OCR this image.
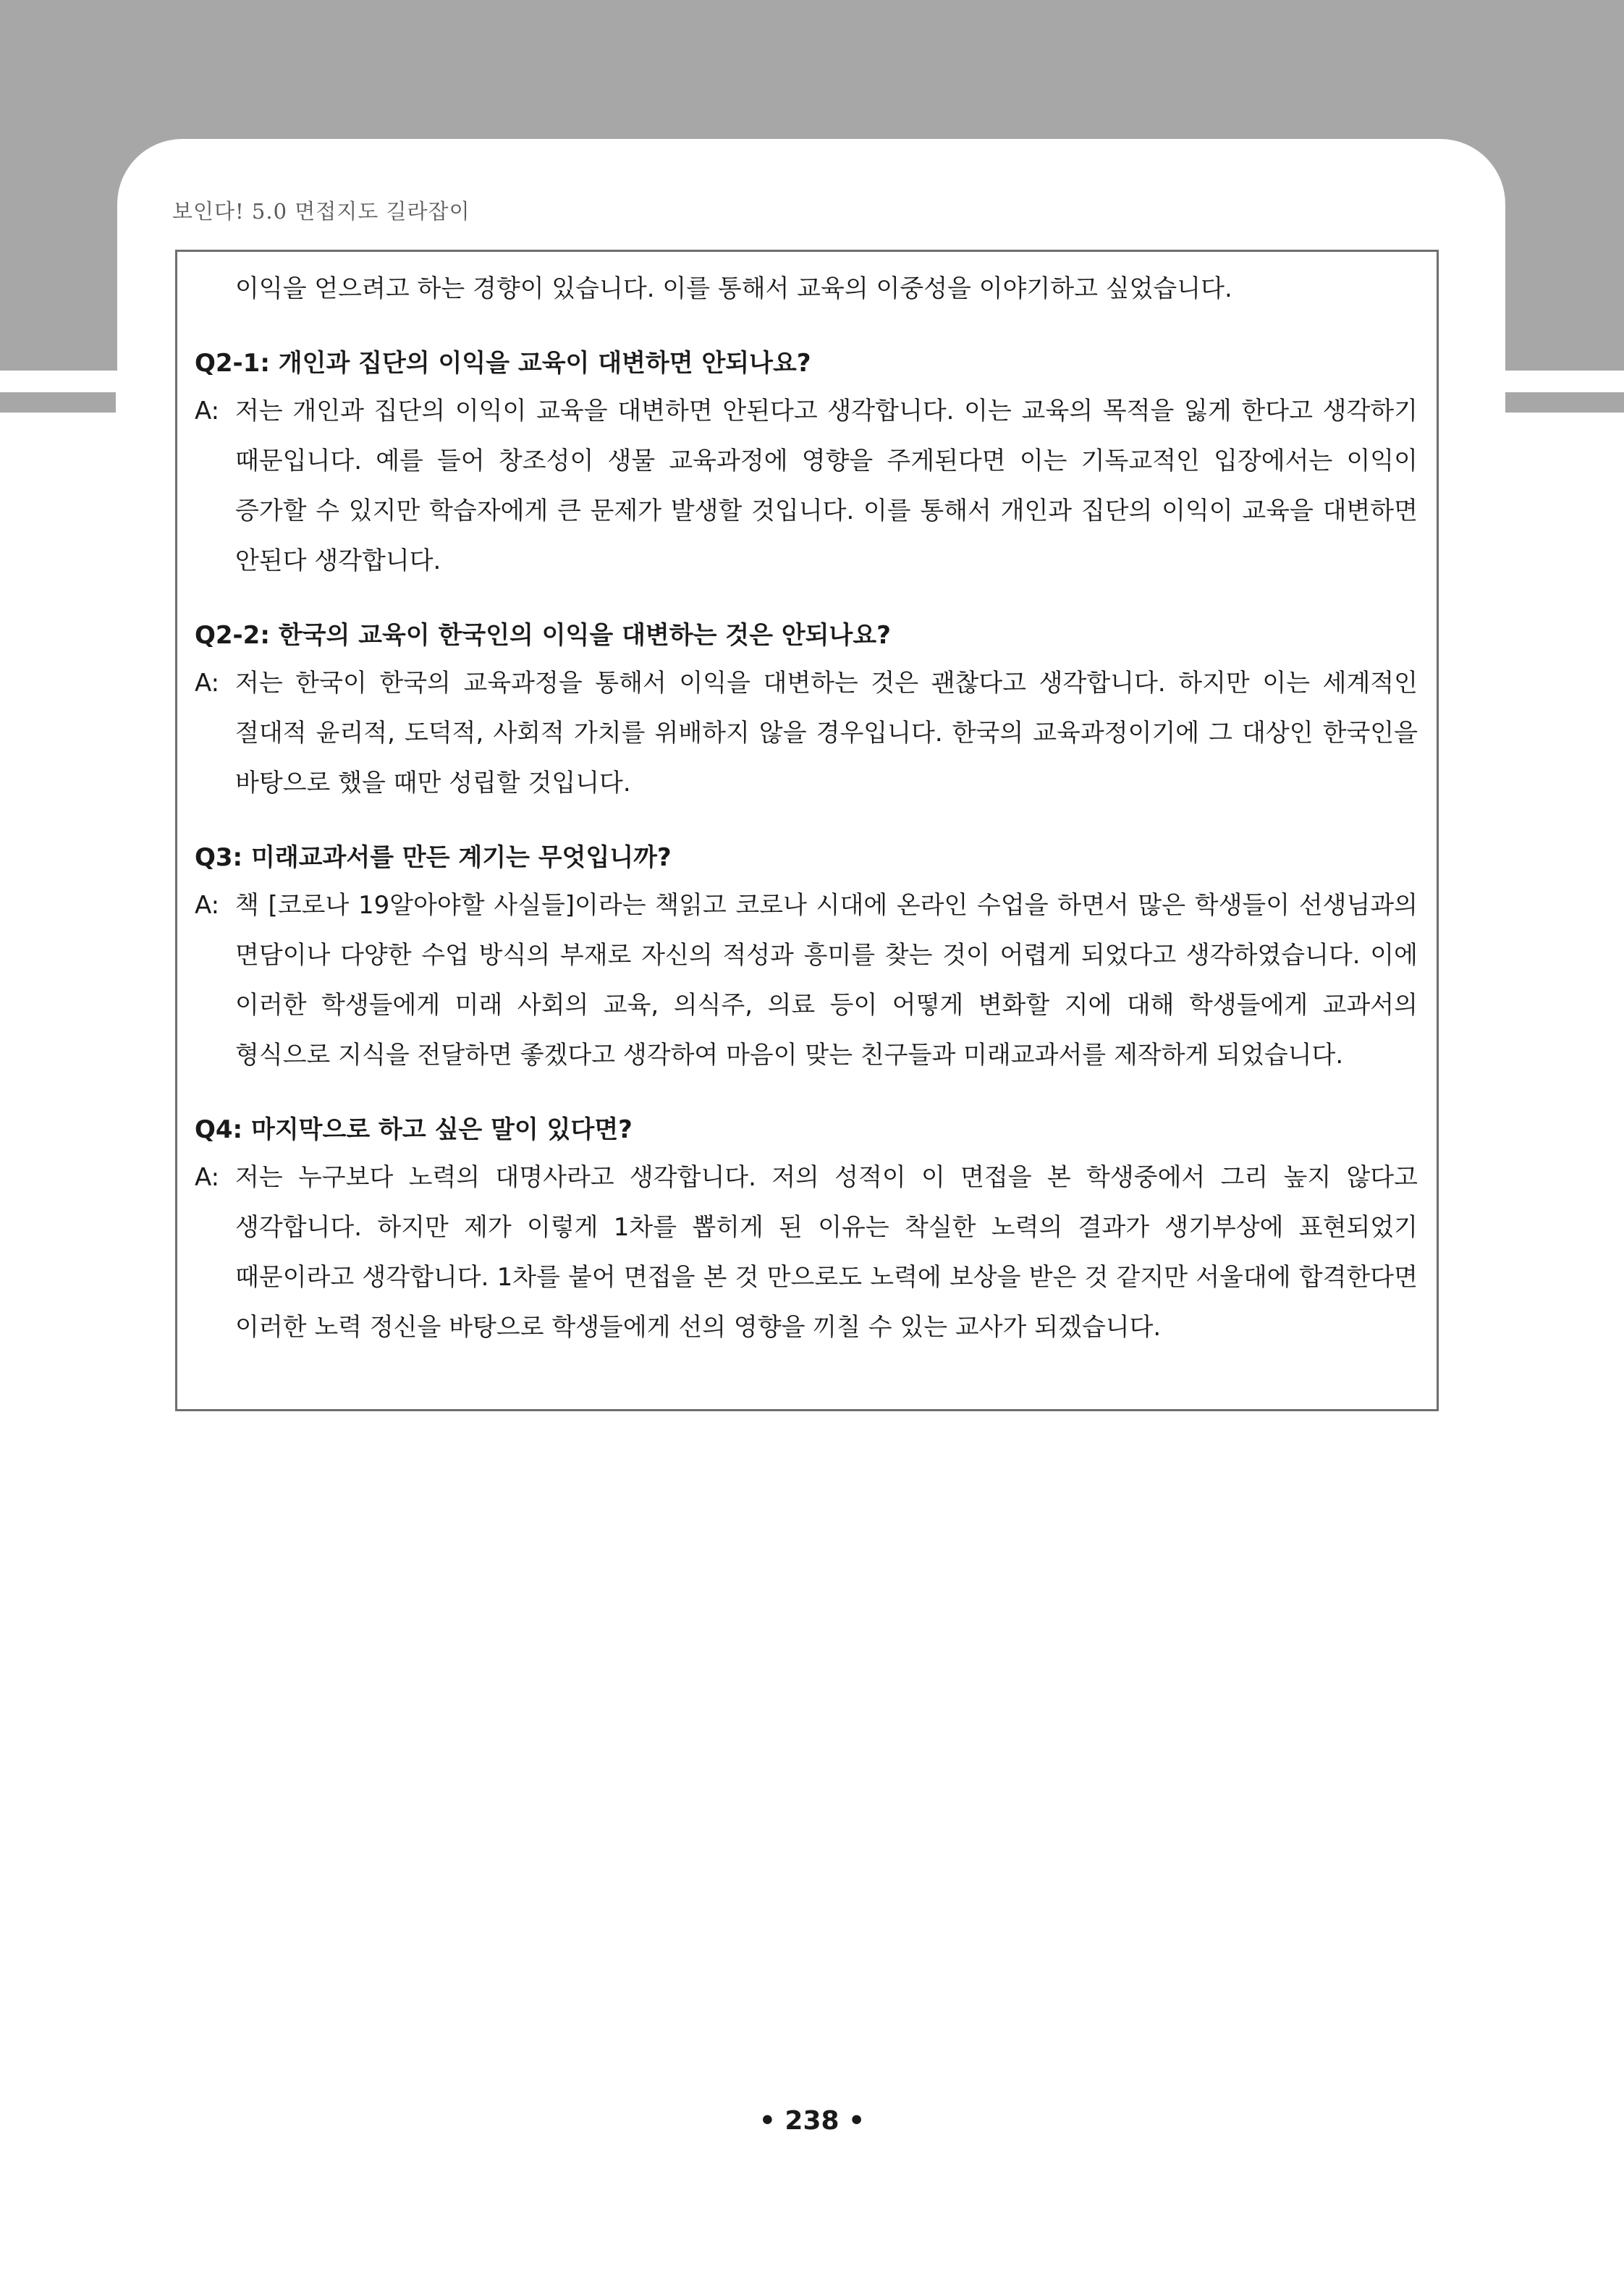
보인다! 5.0 면접지도 길라잡이
이익을 얻으려고 하는 경향이 있습니다. 이를 통해서 교육의 이중성을 이야기하고 싶었습니다.
Q2-1: 개인과 집단의 이익을 교육이 대변하면 안되나요?
A: 저는 개인과 집단의 이익이 교육을 대변하면 안된다고 생각합니다. 이는 교육의 목적을 잃게 한다고 생각하기 때문입니다. 예를 들어 창조성이 생물 교육과정에 영향을 주게된다면 이는 기독교적인 입장에서는 이익이 증가할 수 있지만 학습자에게 큰 문제가 발생할 것입니다. 이를 통해서 개인과 집단의 이익이 교육을 대변하면 안된다 생각합니다.
Q2-2: 한국의 교육이 한국인의 이익을 대변하는 것은 안되나요?
A: 저는 한국이 한국의 교육과정을 통해서 이익을 대변하는 것은 괜찮다고 생각합니다. 하지만 이는 세계적인 절대적 윤리적, 도덕적, 사회적 가치를 위배하지 않을 경우입니다. 한국의 교육과정이기에 그 대상인 한국인을 바탕으로 했을 때만 성립할 것입니다.
Q3: 미래교과서를 만든 계기는 무엇입니까?
A: 책 [코로나 19알아야할 사실들]이라는 책읽고 코로나 시대에 온라인 수업을 하면서 많은 학생들이 선생님과의 면담이나 다양한 수업 방식의 부재로 자신의 적성과 흥미를 찾는 것이 어렵게 되었다고 생각하였습니다. 이에 이러한 학생들에게 미래 사회의 교육, 의식주, 의료 등이 어떻게 변화할 지에 대해 학생들에게 교과서의 형식으로 지식을 전달하면 좋겠다고 생각하여 마음이 맞는 친구들과 미래교과서를 제작하게 되었습니다.
Q4: 마지막으로 하고 싶은 말이 있다면?
A: 저는 누구보다 노력의 대명사라고 생각합니다. 저의 성적이 이 면접을 본 학생중에서 그리 높지 않다고 생각합니다. 하지만 제가 이렇게 1차를 뽑히게 된 이유는 착실한 노력의 결과가 생기부상에 표현되었기 때문이라고 생각합니다. 1차를 붙어 면접을 본 것 만으로도 노력에 보상을 받은 것 같지만 서울대에 합격한다면 이러한 노력 정신을 바탕으로 학생들에게 선의 영향을 끼칠 수 있는 교사가 되겠습니다.
• 238 •
